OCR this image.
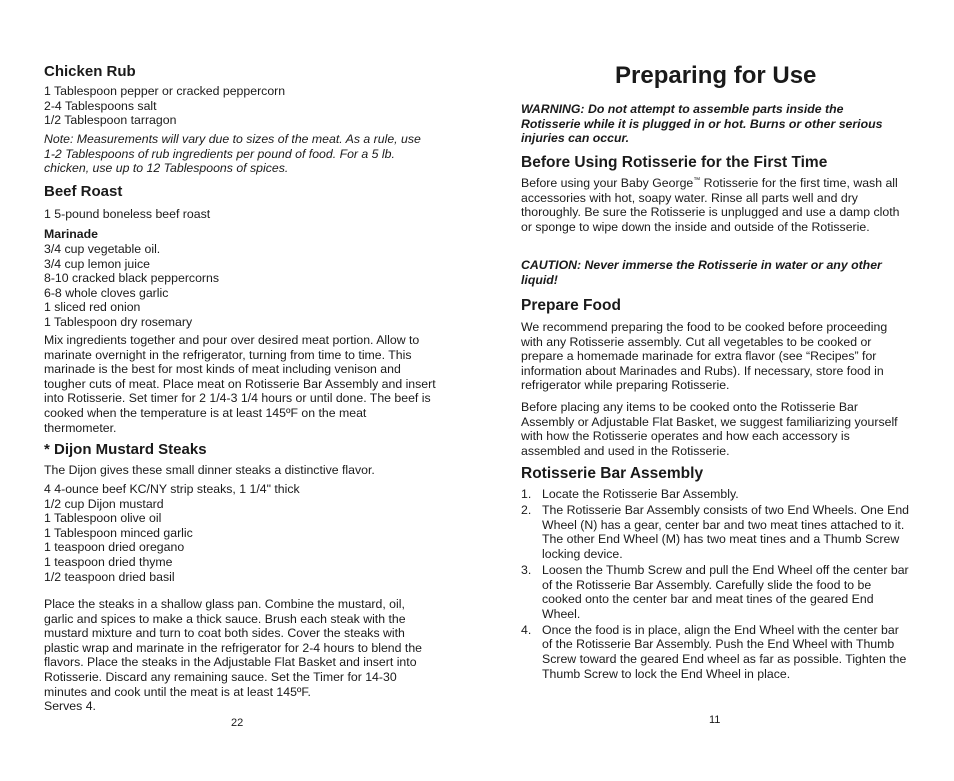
Chicken Rub
1 Tablespoon pepper or cracked peppercorn
2-4 Tablespoons salt
1/2 Tablespoon tarragon
Note: Measurements will vary due to sizes of the meat. As a rule, use 1-2 Tablespoons of rub ingredients per pound of food. For a 5 lb. chicken, use up to 12 Tablespoons of spices.
Beef Roast
1 5-pound boneless beef roast
Marinade
3/4 cup vegetable oil.
3/4 cup lemon juice
8-10 cracked black peppercorns
6-8 whole cloves garlic
1 sliced red onion
1 Tablespoon dry rosemary
Mix ingredients together and pour over desired meat portion. Allow to marinate overnight in the refrigerator, turning from time to time. This marinade is the best for most kinds of meat including venison and tougher cuts of meat. Place meat on Rotisserie Bar Assembly and insert into Rotisserie. Set timer for 2 1/4-3 1/4 hours or until done. The beef is cooked when the temperature is at least 145ºF on the meat thermometer.
* Dijon Mustard Steaks
The Dijon gives these small dinner steaks a distinctive flavor.
4 4-ounce beef KC/NY strip steaks, 1 1/4" thick
1/2 cup Dijon mustard
1 Tablespoon olive oil
1 Tablespoon minced garlic
1 teaspoon dried oregano
1 teaspoon dried thyme
1/2 teaspoon dried basil
Place the steaks in a shallow glass pan. Combine the mustard, oil, garlic and spices to make a thick sauce. Brush each steak with the mustard mixture and turn to coat both sides. Cover the steaks with plastic wrap and marinate in the refrigerator for 2-4 hours to blend the flavors. Place the steaks in the Adjustable Flat Basket and insert into Rotisserie. Discard any remaining sauce. Set the Timer for 14-30 minutes and cook until the meat is at least 145ºF.
Serves 4.
22
Preparing for Use
WARNING: Do not attempt to assemble parts inside the Rotisserie while it is plugged in or hot. Burns or other serious injuries can occur.
Before Using Rotisserie for the First Time
Before using your Baby George™ Rotisserie for the first time, wash all accessories with hot, soapy water. Rinse all parts well and dry thoroughly. Be sure the Rotisserie is unplugged and use a damp cloth or sponge to wipe down the inside and outside of the Rotisserie.
CAUTION: Never immerse the Rotisserie in water or any other liquid!
Prepare Food
We recommend preparing the food to be cooked before proceeding with any Rotisserie assembly. Cut all vegetables to be cooked or prepare a homemade marinade for extra flavor (see “Recipes” for information about Marinades and Rubs). If necessary, store food in refrigerator while preparing Rotisserie.
Before placing any items to be cooked onto the Rotisserie Bar Assembly or Adjustable Flat Basket, we suggest familiarizing yourself with how the Rotisserie operates and how each accessory is assembled and used in the Rotisserie.
Rotisserie Bar Assembly
1. Locate the Rotisserie Bar Assembly.
2. The Rotisserie Bar Assembly consists of two End Wheels. One End Wheel (N) has a gear, center bar and two meat tines attached to it. The other End Wheel (M) has two meat tines and a Thumb Screw locking device.
3. Loosen the Thumb Screw and pull the End Wheel off the center bar of the Rotisserie Bar Assembly. Carefully slide the food to be cooked onto the center bar and meat tines of the geared End Wheel.
4. Once the food is in place, align the End Wheel with the center bar of the Rotisserie Bar Assembly. Push the End Wheel with Thumb Screw toward the geared End wheel as far as possible. Tighten the Thumb Screw to lock the End Wheel in place.
11
